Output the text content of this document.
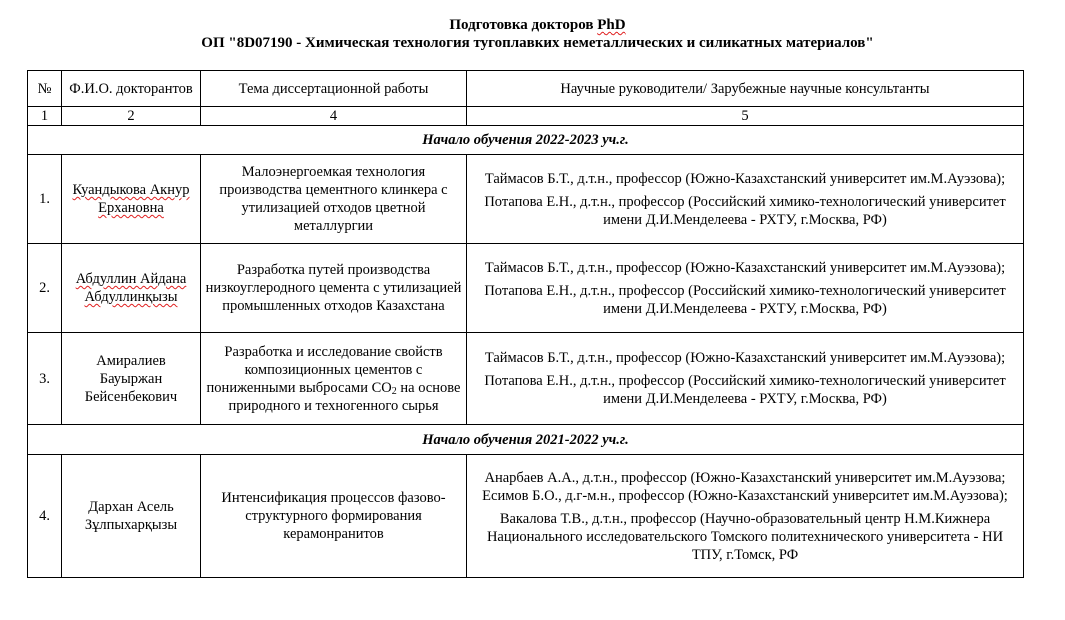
Подготовка докторов PhD
ОП "8D07190 - Химическая технология тугоплавких неметаллических и силикатных материалов"
№	Ф.И.О. докторантов	Тема диссертационной работы	Научные руководители/ Зарубежные научные консультанты
1	2	4	5
Начало обучения 2022-2023 уч.г.			
1.	Куандыкова Акнур Ерхановна	Малоэнергоемкая технология производства цементного клинкера с утилизацией отходов цветной металлургии	Таймасов Б.Т., д.т.н., профессор (Южно-Казахстанский университет им.М.Ауэзова);

Потапова Е.Н., д.т.н., профессор (Российский химико-технологический университет имени Д.И.Менделеева - РХТУ, г.Москва, РФ)

2.	Абдуллин Айдана Абдуллинқызы	Разработка путей производства низкоуглеродного цемента с утилизацией промышленных отходов Казахстана	Таймасов Б.Т., д.т.н., профессор (Южно-Казахстанский университет им.М.Ауэзова);

Потапова Е.Н., д.т.н., профессор (Российский химико-технологический университет имени Д.И.Менделеева - РХТУ, г.Москва, РФ)

3.	Амиралиев Бауыржан Бейсенбекович	Разработка и исследование свойств композиционных цементов с пониженными выбросами $CO_2$ на основе природного и техногенного сырья	Таймасов Б.Т., д.т.н., профессор (Южно-Казахстанский университет им.М.Ауэзова);

Потапова Е.Н., д.т.н., профессор (Российский химико-технологический университет имени Д.И.Менделеева - РХТУ, г.Москва, РФ)

Начало обучения 2021-2022 уч.г.			
4.	Дархан Асель Зұлпыхарқызы	Интенсификация процессов фазово-структурного формирования керамонранитов	Анарбаев А.А., д.т.н., профессор (Южно-Казахстанский университет им.М.Ауэзова; Есимов Б.О., д.г-м.н., профессор (Южно-Казахстанский университет им.М.Ауэзова);

Вакалова Т.В., д.т.н., профессор (Научно-образовательный центр Н.М.Кижнера Национального исследовательского Томского политехнического университета - НИ ТПУ, г.Томск, РФ
